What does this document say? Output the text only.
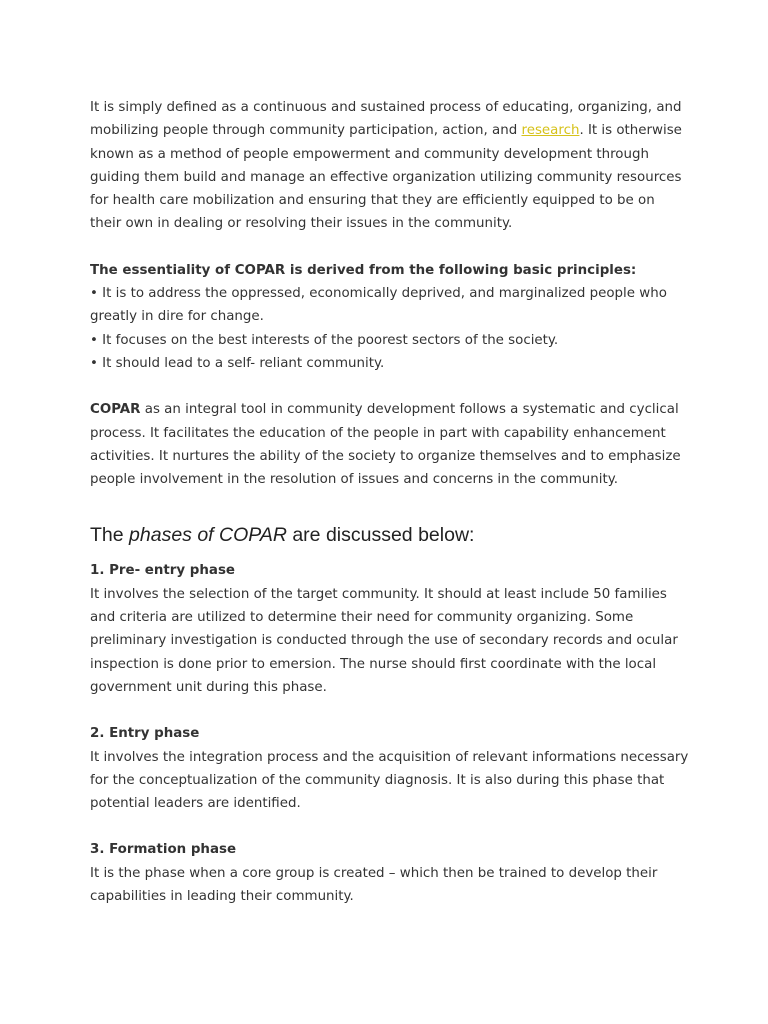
It is simply defined as a continuous and sustained process of educating, organizing, and mobilizing people through community participation, action, and research. It is otherwise known as a method of people empowerment and community development through guiding them build and manage an effective organization utilizing community resources for health care mobilization and ensuring that they are efficiently equipped to be on their own in dealing or resolving their issues in the community.

The essentiality of COPAR is derived from the following basic principles:

• It is to address the oppressed, economically deprived, and marginalized people who greatly in dire for change.

• It focuses on the best interests of the poorest sectors of the society.

• It should lead to a self- reliant community.

COPAR as an integral tool in community development follows a systematic and cyclical process. It facilitates the education of the people in part with capability enhancement activities. It nurtures the ability of the society to organize themselves and to emphasize people involvement in the resolution of issues and concerns in the community.

The phases of COPAR are discussed below:

1. Pre- entry phase

It involves the selection of the target community. It should at least include 50 families and criteria are utilized to determine their need for community organizing. Some preliminary investigation is conducted through the use of secondary records and ocular inspection is done prior to emersion. The nurse should first coordinate with the local government unit during this phase.

2. Entry phase

It involves the integration process and the acquisition of relevant informations necessary for the conceptualization of the community diagnosis. It is also during this phase that potential leaders are identified.

3. Formation phase

It is the phase when a core group is created – which then be trained to develop their capabilities in leading their community.
